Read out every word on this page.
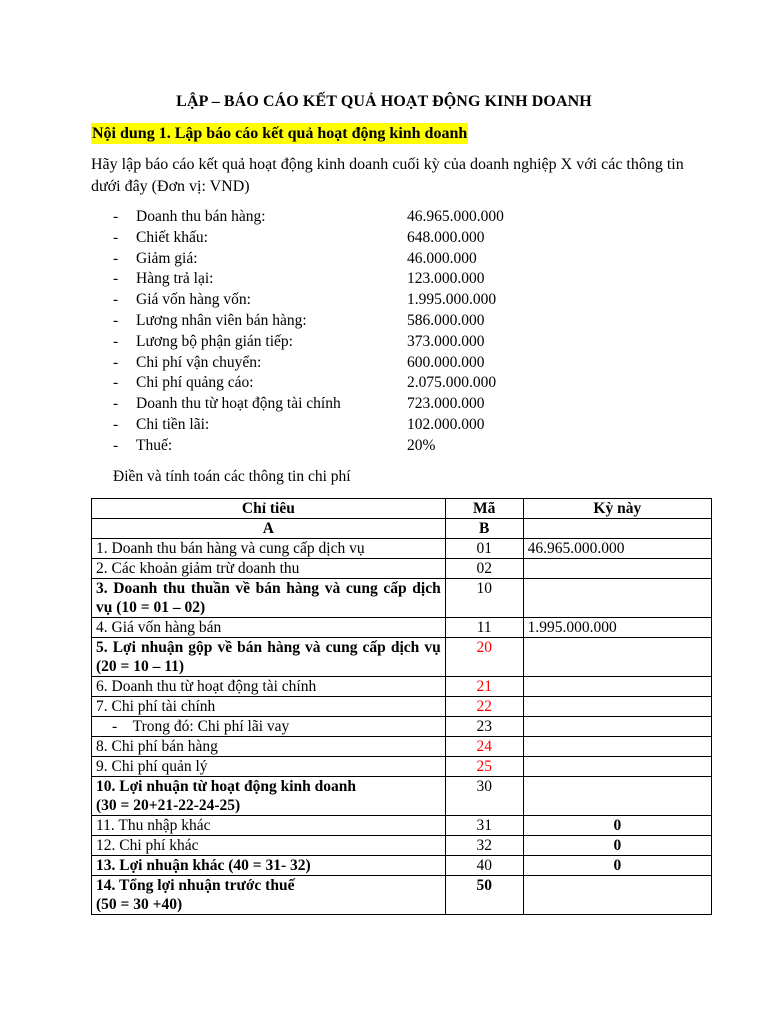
LẬP – BÁO CÁO KẾT QUẢ HOẠT ĐỘNG KINH DOANH
Nội dung 1. Lập báo cáo kết quả hoạt động kinh doanh
Hãy lập báo cáo kết quả hoạt động kinh doanh cuối kỳ của doanh nghiệp X với các thông tin dưới đây (Đơn vị: VND)
- Doanh thu bán hàng:	46.965.000.000
- Chiết khấu:	648.000.000
- Giảm giá:	46.000.000
- Hàng trả lại:	123.000.000
- Giá vốn hàng vốn:	1.995.000.000
- Lương nhân viên bán hàng:	586.000.000
- Lương bộ phận gián tiếp:	373.000.000
- Chi phí vận chuyển:	600.000.000
- Chi phí quảng cáo:	2.075.000.000
- Doanh thu từ hoạt động tài chính	723.000.000
- Chi tiền lãi:	102.000.000
- Thuế:	20%
Điền và tính toán các thông tin chi phí
Chỉ tiêu	Mã	Kỳ này
A	B	
1. Doanh thu bán hàng và cung cấp dịch vụ	01	46.965.000.000
2. Các khoản giảm trừ doanh thu	02	
3. Doanh thu thuần về bán hàng và cung cấp dịch vụ (10 = 01 – 02)	10	
4. Giá vốn hàng bán	11	1.995.000.000
5. Lợi nhuận gộp về bán hàng và cung cấp dịch vụ (20 = 10 – 11)	20	
6. Doanh thu từ hoạt động tài chính	21	
7. Chi phí tài chính	22	
- Trong đó: Chi phí lãi vay	23	
8. Chi phí bán hàng	24	
9. Chi phí quản lý	25	

10. Lợi nhuận từ hoạt động kinh doanh
(30 = 20+21-22-24-25)	30	
11. Thu nhập khác	31	0
12. Chi phí khác	32	0
13. Lợi nhuận khác (40 = 31- 32)	40	0

14. Tổng lợi nhuận trước thuế
(50 = 30 +40)	50	
